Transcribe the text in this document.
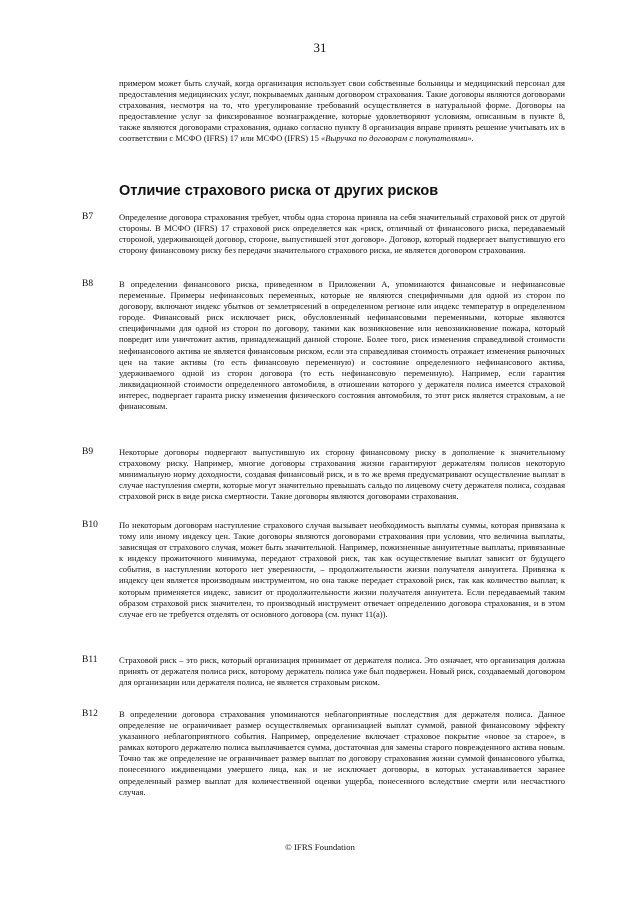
31
примером может быть случай, когда организация использует свои собственные больницы и медицинский персонал для предоставления медицинских услуг, покрываемых данным договором страхования. Такие договоры являются договорами страхования, несмотря на то, что урегулирование требований осуществляется в натуральной форме. Договоры на предоставление услуг за фиксированное вознаграждение, которые удовлетворяют условиям, описанным в пункте 8, также являются договорами страхования, однако согласно пункту 8 организация вправе принять решение учитывать их в соответствии с МСФО (IFRS) 17 или МСФО (IFRS) 15 «Выручка по договорам с покупателями».
Отличие страхового риска от других рисков
B7	Определение договора страхования требует, чтобы одна сторона приняла на себя значительный страховой риск от другой стороны. В МСФО (IFRS) 17 страховой риск определяется как «риск, отличный от финансового риска, передаваемый стороной, удерживающей договор, стороне, выпустившей этот договор». Договор, который подвергает выпустившую его сторону финансовому риску без передачи значительного страхового риска, не является договором страхования.
B8	В определении финансового риска, приведенном в Приложении А, упоминаются финансовые и нефинансовые переменные. Примеры нефинансовых переменных, которые не являются специфичными для одной из сторон по договору, включают индекс убытков от землетрясений в определенном регионе или индекс температур в определенном городе. Финансовый риск исключает риск, обусловленный нефинансовыми переменными, которые являются специфичными для одной из сторон по договору, такими как возникновение или невозникновение пожара, который повредит или уничтожит актив, принадлежащий данной стороне. Более того, риск изменения справедливой стоимости нефинансового актива не является финансовым риском, если эта справедливая стоимость отражает изменения рыночных цен на такие активы (то есть финансовую переменную) и состояние определенного нефинансового актива, удерживаемого одной из сторон договора (то есть нефинансовую переменную). Например, если гарантия ликвидационной стоимости определенного автомобиля, в отношении которого у держателя полиса имеется страховой интерес, подвергает гаранта риску изменения физического состояния автомобиля, то этот риск является страховым, а не финансовым.
B9	Некоторые договоры подвергают выпустившую их сторону финансовому риску в дополнение к значительному страховому риску. Например, многие договоры страхования жизни гарантируют держателям полисов некоторую минимальную норму доходности, создавая финансовый риск, и в то же время предусматривают осуществление выплат в случае наступления смерти, которые могут значительно превышать сальдо по лицевому счету держателя полиса, создавая страховой риск в виде риска смертности. Такие договоры являются договорами страхования.
B10	По некоторым договорам наступление страхового случая вызывает необходимость выплаты суммы, которая привязана к тому или иному индексу цен. Такие договоры являются договорами страхования при условии, что величина выплаты, зависящая от страхового случая, может быть значительной. Например, пожизненные аннуитетные выплаты, привязанные к индексу прожиточного минимума, передают страховой риск, так как осуществление выплат зависит от будущего события, в наступлении которого нет уверенности, – продолжительности жизни получателя аннуитета. Привязка к индексу цен является производным инструментом, но она также передает страховой риск, так как количество выплат, к которым применяется индекс, зависит от продолжительности жизни получателя аннуитета. Если передаваемый таким образом страховой риск значителен, то производный инструмент отвечает определению договора страхования, и в этом случае его не требуется отделять от основного договора (см. пункт 11(a)).
B11	Страховой риск – это риск, который организация принимает от держателя полиса. Это означает, что организация должна принять от держателя полиса риск, которому держатель полиса уже был подвержен. Новый риск, создаваемый договором для организации или держателя полиса, не является страховым риском.
B12	В определении договора страхования упоминаются неблагоприятные последствия для держателя полиса. Данное определение не ограничивает размер осуществляемых организацией выплат суммой, равной финансовому эффекту указанного неблагоприятного события. Например, определение включает страховое покрытие «новое за старое», в рамках которого держателю полиса выплачивается сумма, достаточная для замены старого поврежденного актива новым. Точно так же определение не ограничивает размер выплат по договору страхования жизни суммой финансового убытка, понесенного иждивенцами умершего лица, как и не исключает договоры, в которых устанавливается заранее определенный размер выплат для количественной оценки ущерба, понесенного вследствие смерти или несчастного случая.
© IFRS Foundation
